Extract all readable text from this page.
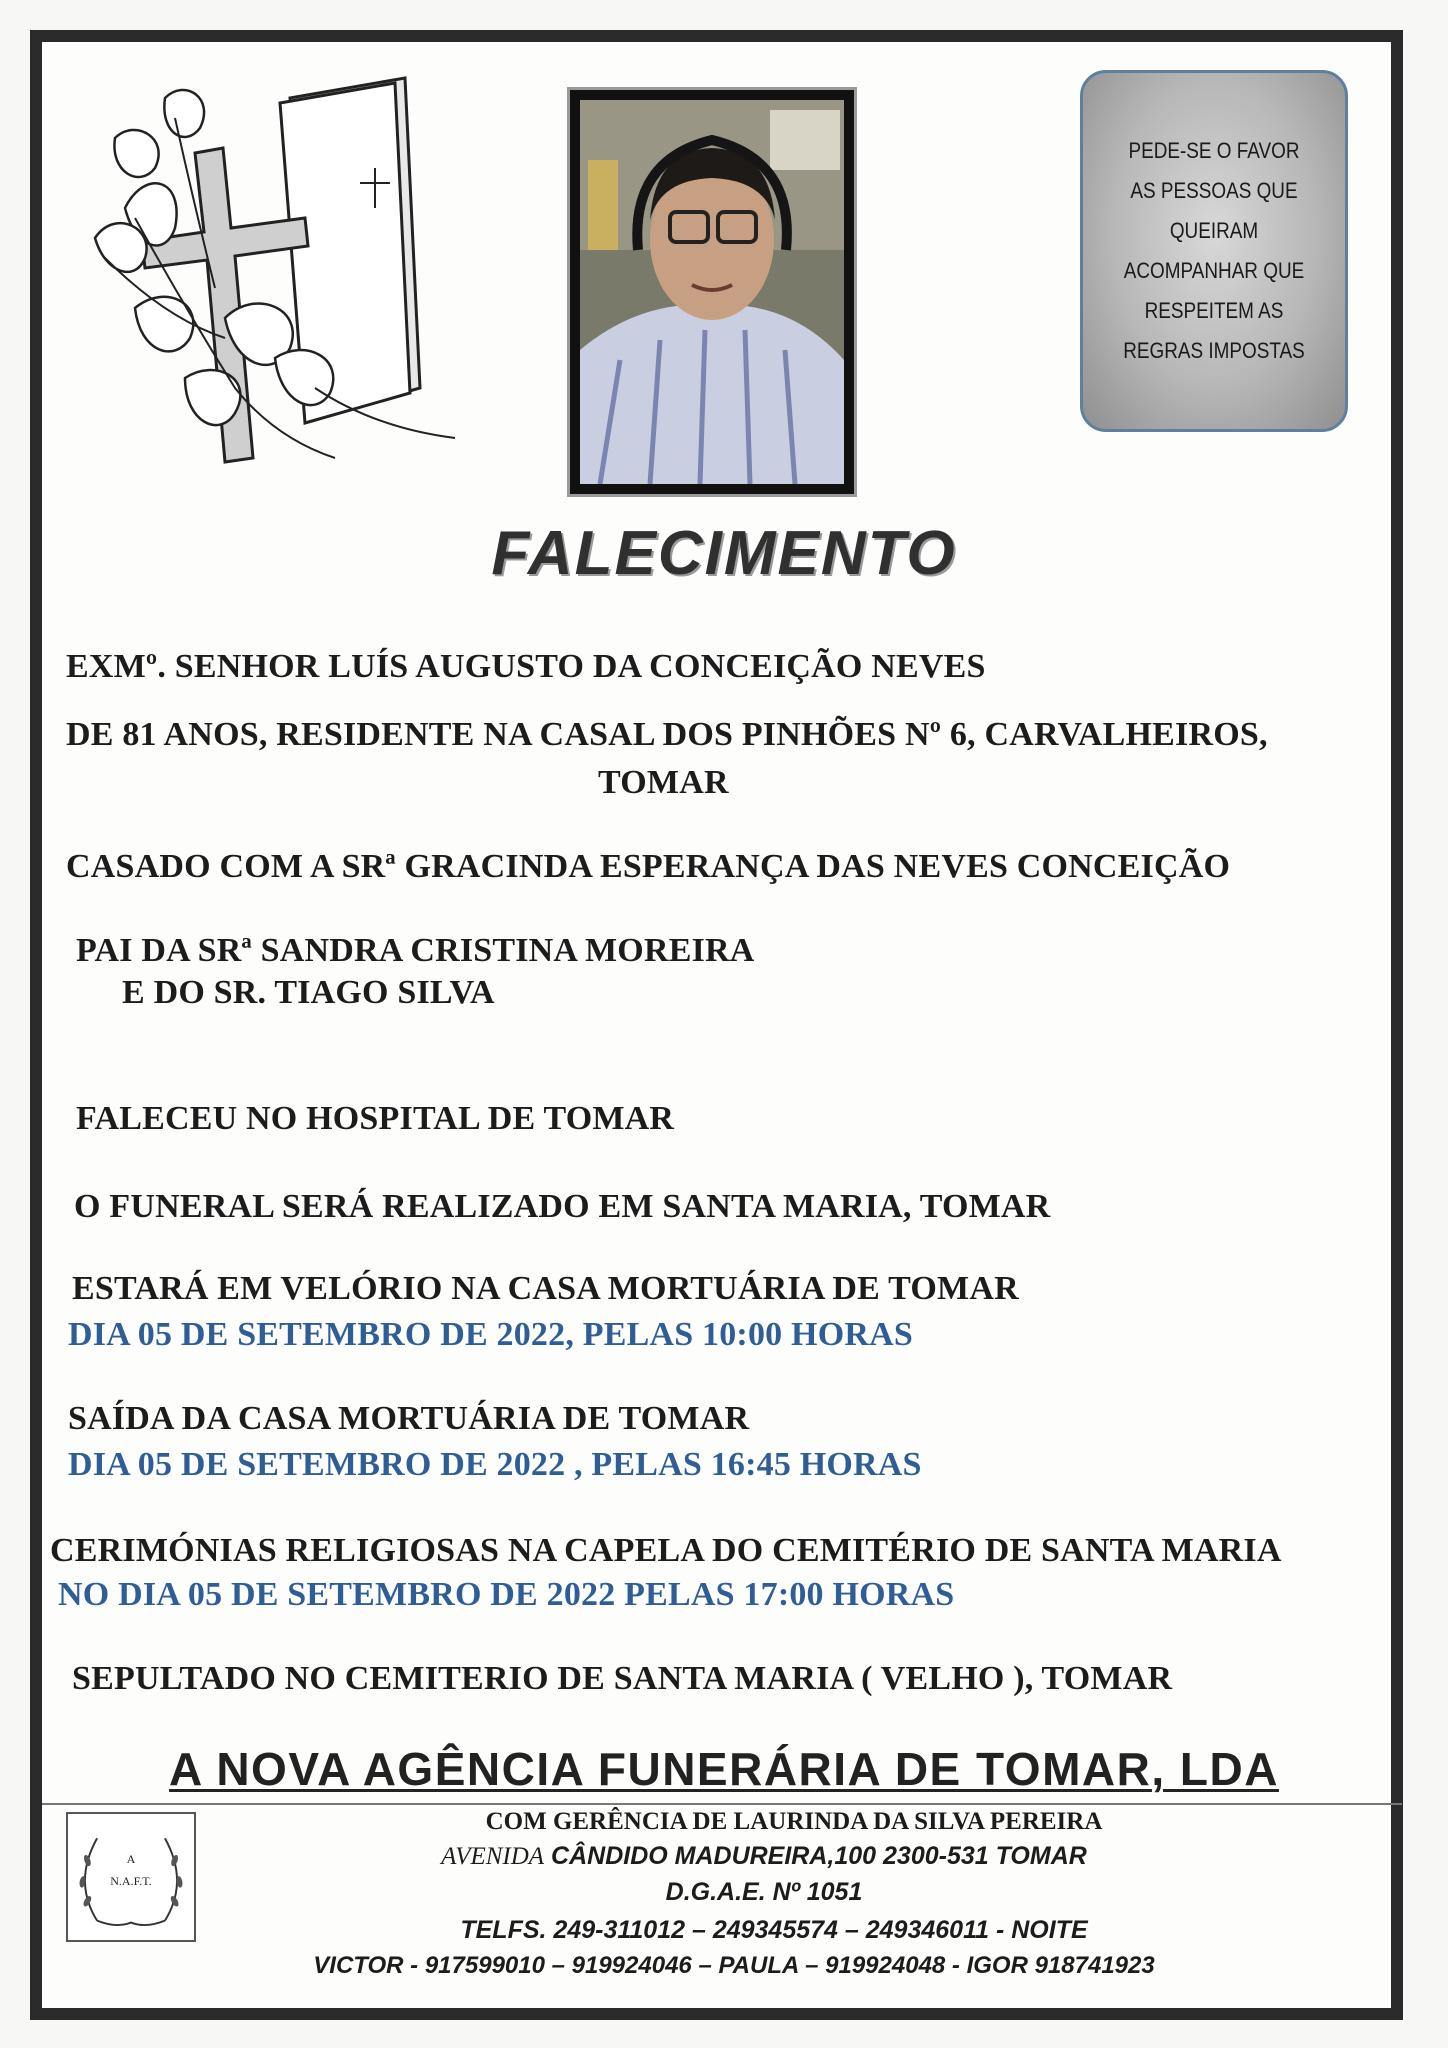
PEDE-SE O FAVOR AS PESSOAS QUE QUEIRAM ACOMPANHAR QUE RESPEITEM AS REGRAS IMPOSTAS
FALECIMENTO
EXMº. SENHOR LUÍS AUGUSTO DA CONCEIÇÃO NEVES
DE 81 ANOS, RESIDENTE NA CASAL DOS PINHÕES Nº 6, CARVALHEIROS,
TOMAR
CASADO COM A SRª GRACINDA ESPERANÇA DAS NEVES CONCEIÇÃO
PAI DA SRª SANDRA CRISTINA MOREIRA
E DO SR. TIAGO SILVA
FALECEU NO HOSPITAL DE TOMAR
O FUNERAL SERÁ REALIZADO EM SANTA MARIA, TOMAR
ESTARÁ EM VELÓRIO NA CASA MORTUÁRIA DE TOMAR
DIA 05 DE SETEMBRO DE 2022, PELAS 10:00 HORAS
SAÍDA DA CASA MORTUÁRIA DE TOMAR
DIA 05 DE SETEMBRO DE 2022 , PELAS 16:45 HORAS
CERIMÓNIAS RELIGIOSAS NA CAPELA DO CEMITÉRIO DE SANTA MARIA
NO DIA 05 DE SETEMBRO DE 2022 PELAS 17:00 HORAS
SEPULTADO NO CEMITERIO DE SANTA MARIA ( VELHO ), TOMAR
A NOVA AGÊNCIA FUNERÁRIA DE TOMAR, LDA
A
N.A.F.T.
COM GERÊNCIA DE LAURINDA DA SILVA PEREIRA
AVENIDA CÂNDIDO MADUREIRA,100 2300-531 TOMAR
D.G.A.E. Nº 1051
TELFS. 249-311012 – 249345574 – 249346011 - NOITE
VICTOR - 917599010 – 919924046 – PAULA – 919924048 - IGOR 918741923
